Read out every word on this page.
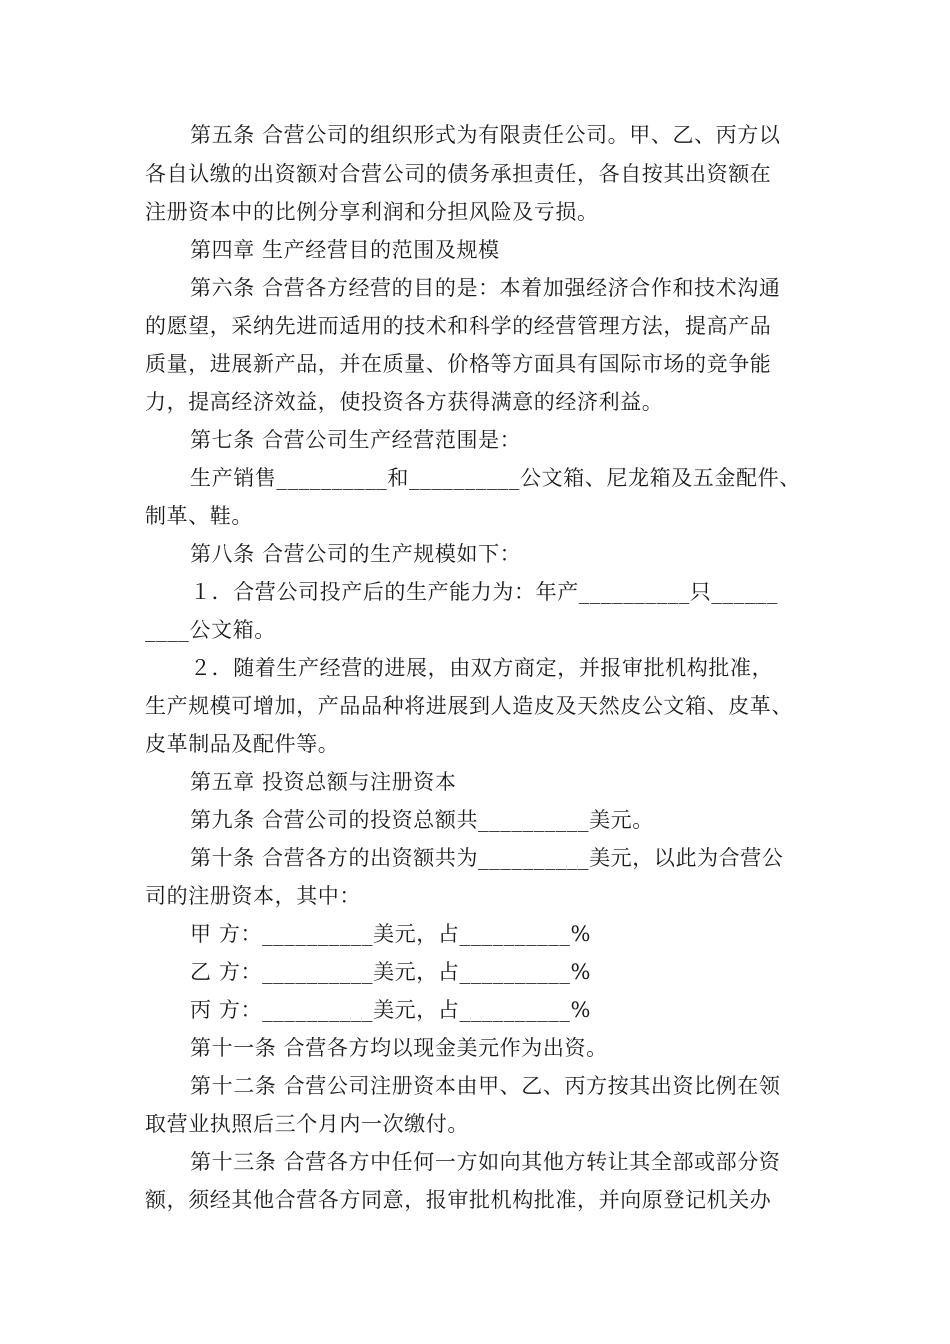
第五条 合营公司的组织形式为有限责任公司。甲、乙、丙方以
各自认缴的出资额对合营公司的债务承担责任，各自按其出资额在
注册资本中的比例分享利润和分担风险及亏损。
第四章 生产经营目的范围及规模
第六条 合营各方经营的目的是：本着加强经济合作和技术沟通
的愿望，采纳先进而适用的技术和科学的经营管理方法，提高产品
质量，进展新产品，并在质量、价格等方面具有国际市场的竞争能
力，提高经济效益，使投资各方获得满意的经济利益。
第七条 合营公司生产经营范围是：
生产销售__________和__________公文箱、尼龙箱及五金配件、
制革、鞋。
第八条 合营公司的生产规模如下：
１．合营公司投产后的生产能力为：年产__________只______
____公文箱。
２．随着生产经营的进展，由双方商定，并报审批机构批准，
生产规模可增加，产品品种将进展到人造皮及天然皮公文箱、皮革、
皮革制品及配件等。
第五章 投资总额与注册资本
第九条 合营公司的投资总额共__________美元。
第十条 合营各方的出资额共为__________美元，以此为合营公
司的注册资本，其中：
甲 方：__________美元，占__________%
乙 方：__________美元，占__________%
丙 方：__________美元，占__________%
第十一条 合营各方均以现金美元作为出资。
第十二条 合营公司注册资本由甲、乙、丙方按其出资比例在领
取营业执照后三个月内一次缴付。
第十三条 合营各方中任何一方如向其他方转让其全部或部分资
额，须经其他合营各方同意，报审批机构批准，并向原登记机关办
